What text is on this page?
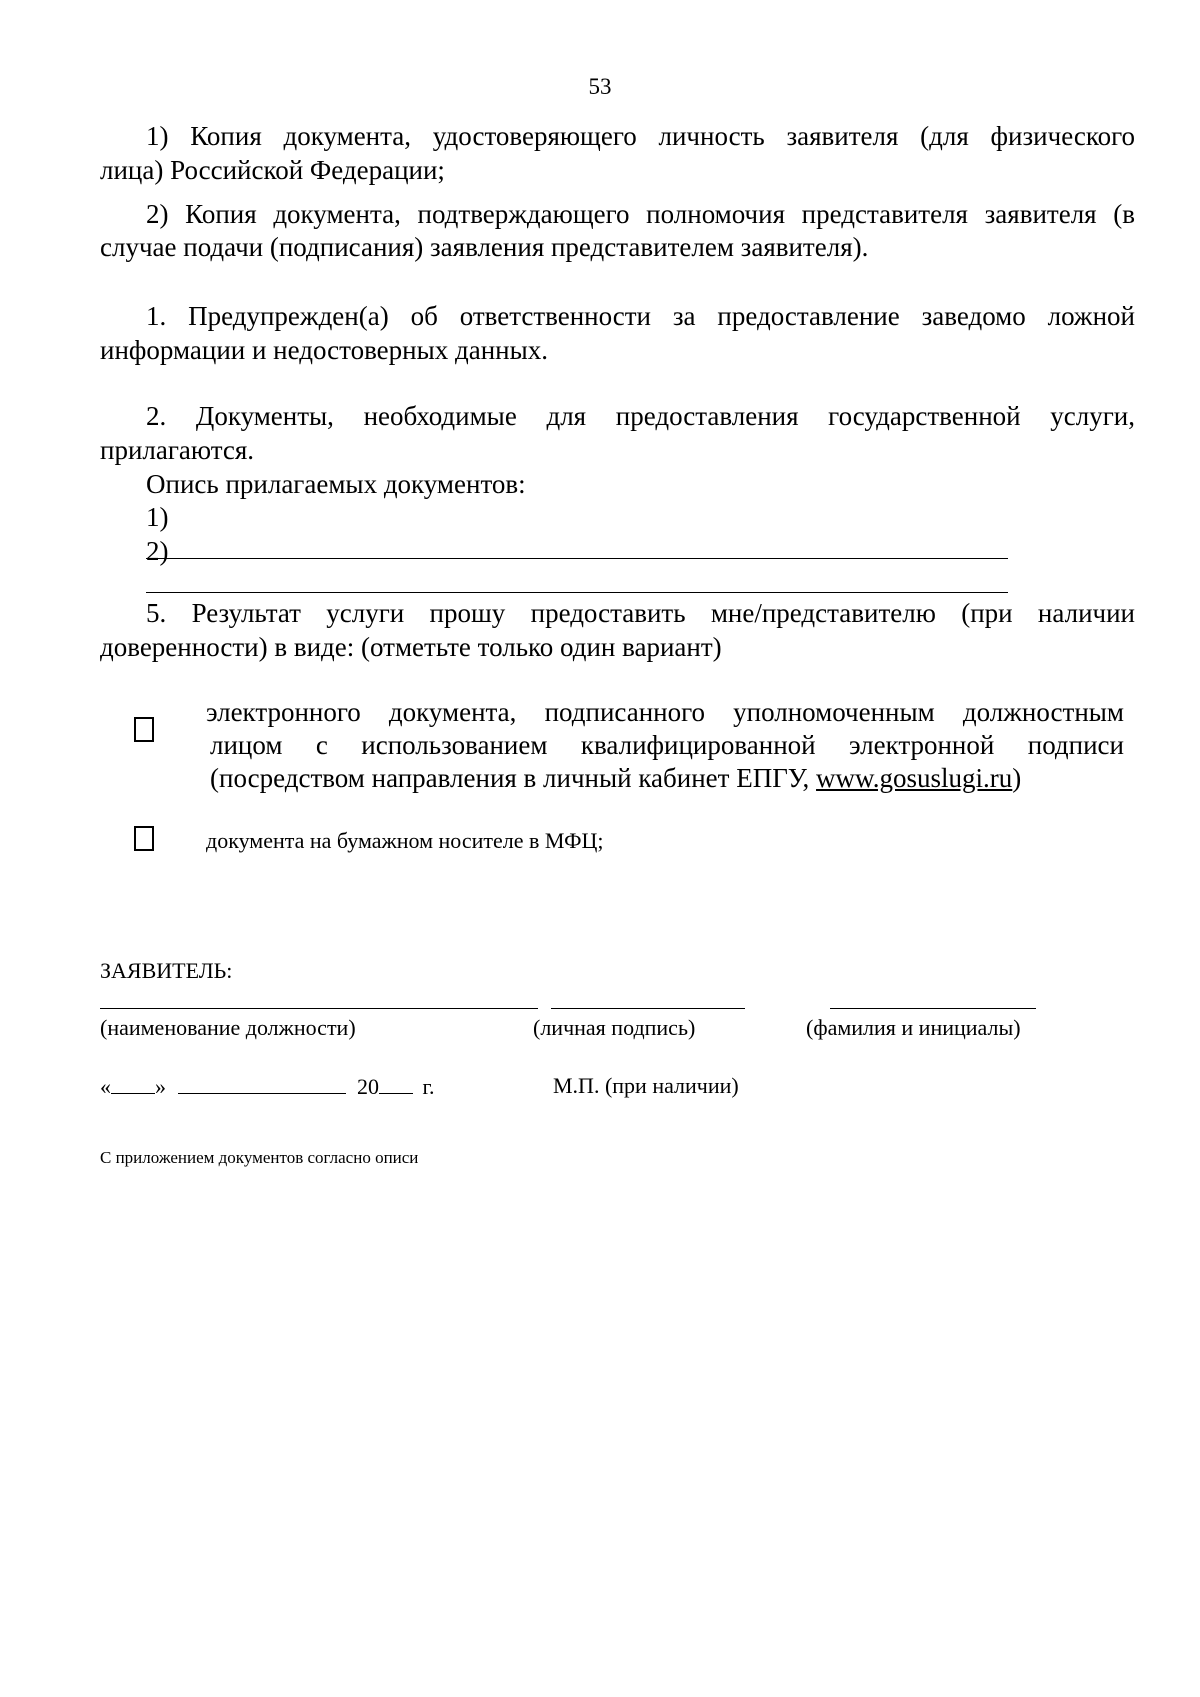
53
1) Копия документа, удостоверяющего личность заявителя (для физического
лица) Российской Федерации;
2) Копия документа, подтверждающего полномочия представителя заявителя (в
случае подачи (подписания) заявления представителем заявителя).
1. Предупрежден(а) об ответственности за предоставление заведомо ложной
информации и недостоверных данных.
2. Документы, необходимые для предоставления государственной услуги,
прилагаются.
Опись прилагаемых документов:
1)
2)
5. Результат услуги прошу предоставить мне/представителю (при наличии
доверенности) в виде: (отметьте только один вариант)
электронного документа, подписанного уполномоченным должностным
лицом с использованием квалифицированной электронной подписи
(посредством направления в личный кабинет ЕПГУ, www.gosuslugi.ru)
документа на бумажном носителе в МФЦ;
ЗАЯВИТЕЛЬ:
(наименование должности)	(личная подпись)	(фамилия и инициалы)
« »	20 г.	М.П. (при наличии)
С приложением документов согласно описи
